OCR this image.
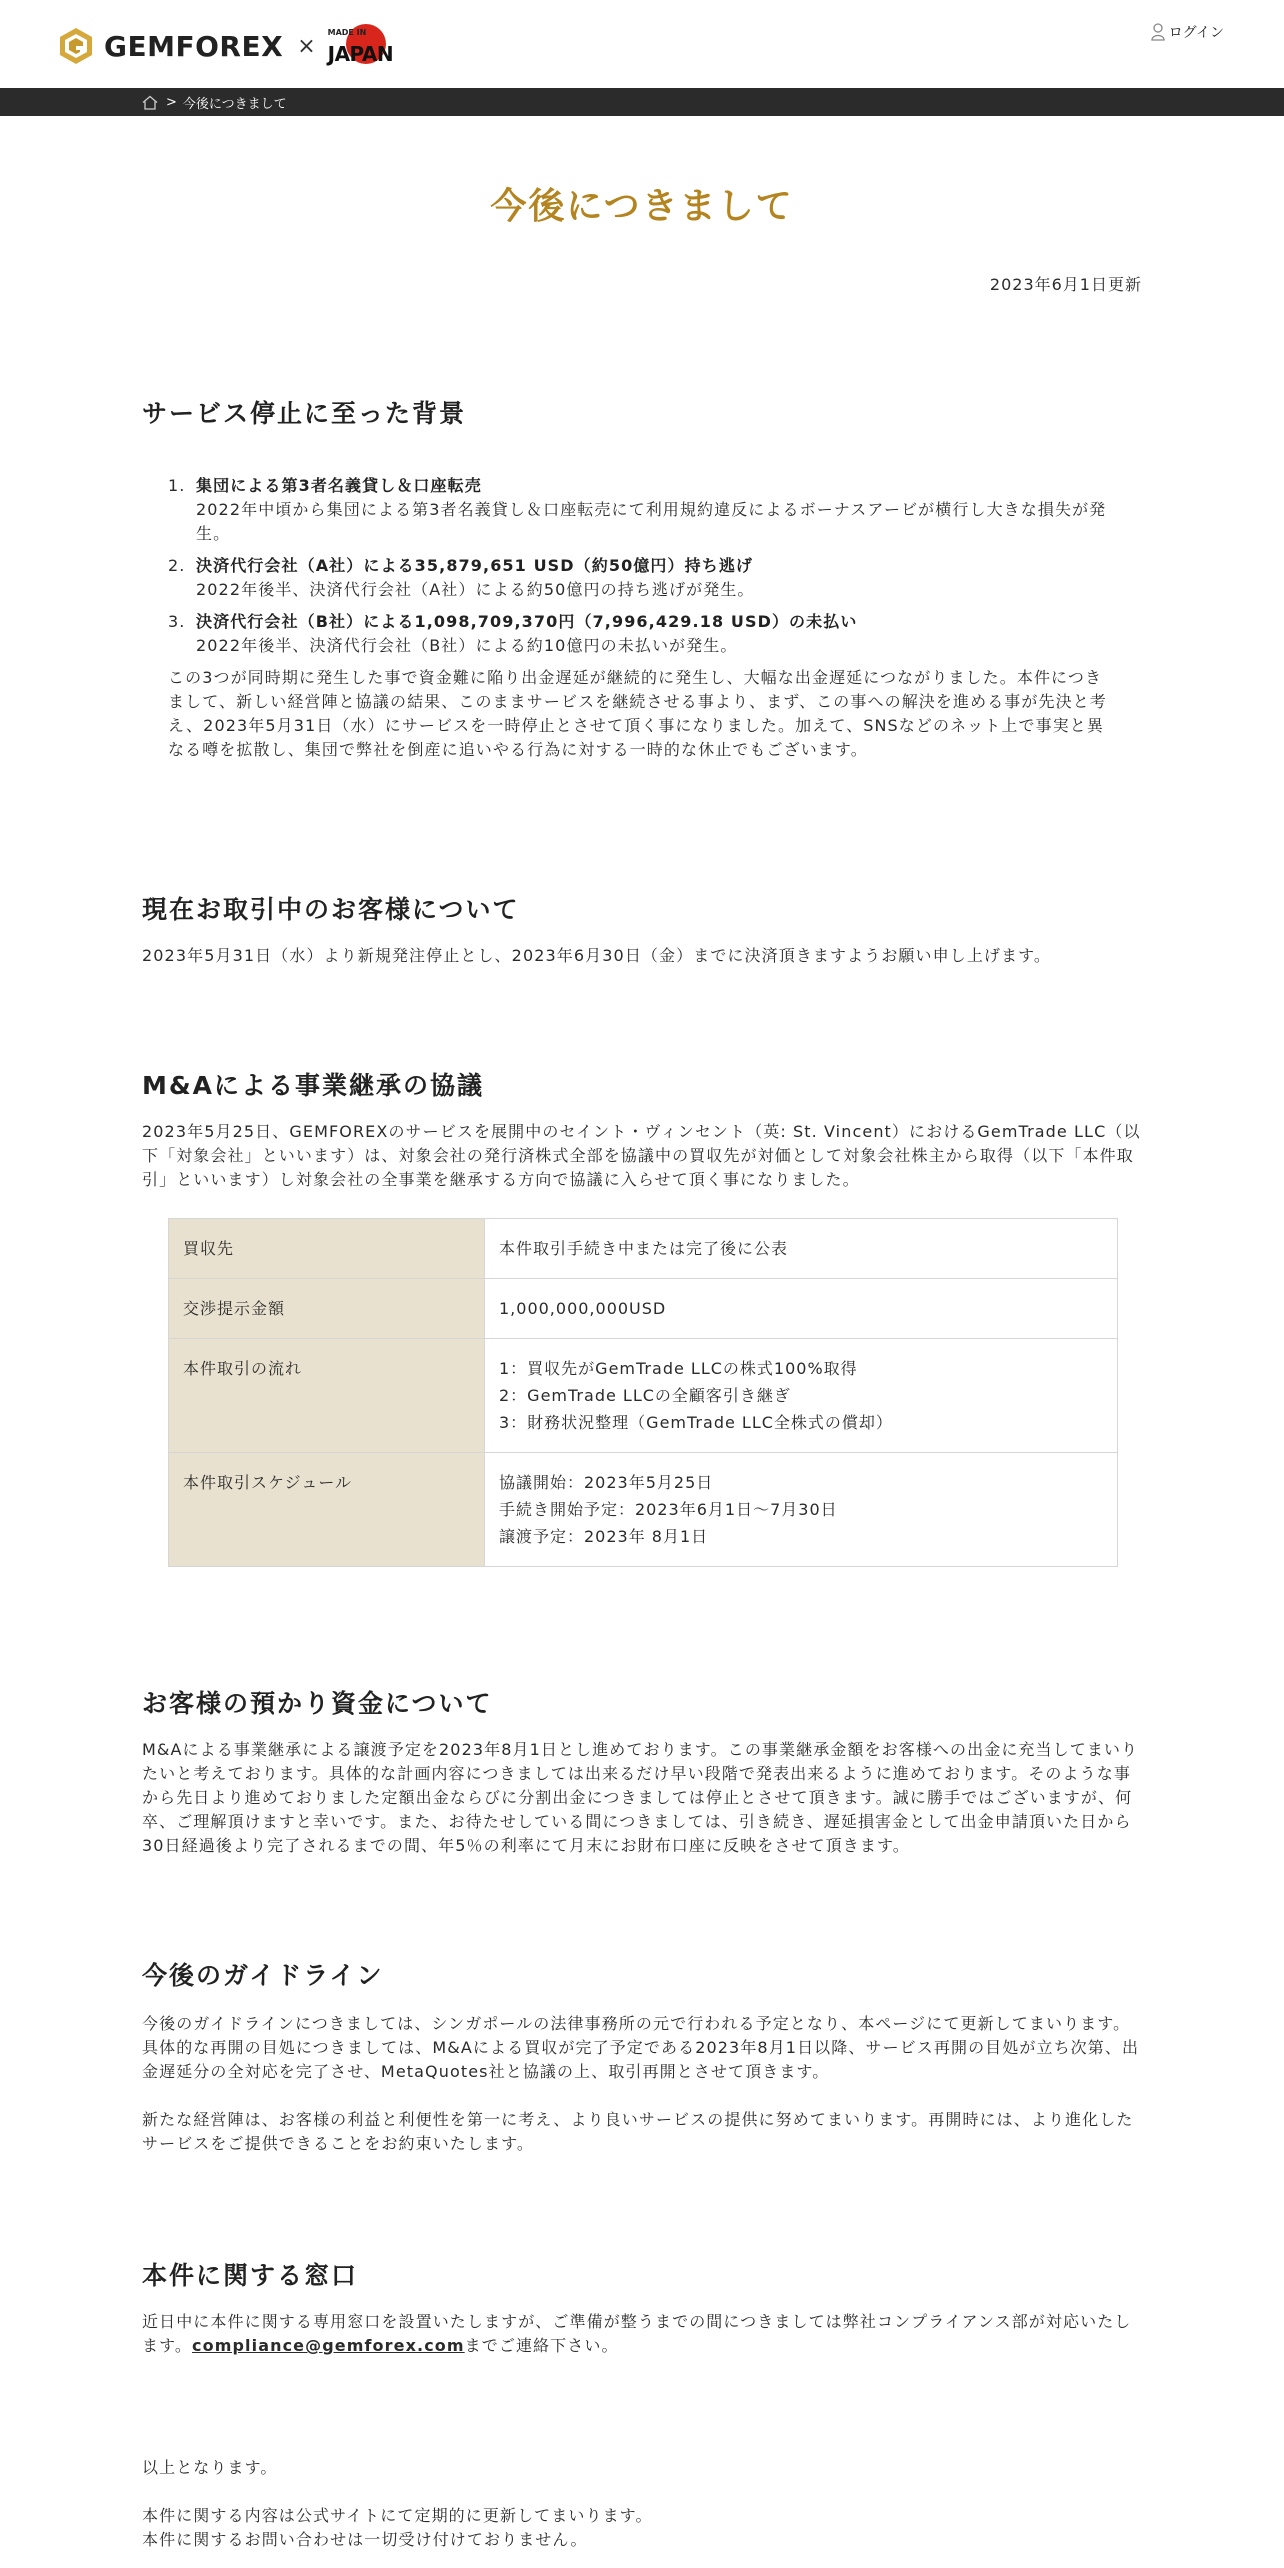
GEMFOREX ×
MADE IN
JAPAN
ログイン
> 今後につきまして
今後につきまして
2023年6月1日更新
サービス停止に至った背景
1. 集団による第3者名義貸し＆口座転売
2022年中頃から集団による第3者名義貸し＆口座転売にて利用規約違反によるボーナスアービが横行し大きな損失が発生。
2. 決済代行会社（A社）による35,879,651 USD（約50億円）持ち逃げ
2022年後半、決済代行会社（A社）による約50億円の持ち逃げが発生。
3. 決済代行会社（B社）による1,098,709,370円（7,996,429.18 USD）の未払い
2022年後半、決済代行会社（B社）による約10億円の未払いが発生。
この3つが同時期に発生した事で資金難に陥り出金遅延が継続的に発生し、大幅な出金遅延につながりました。本件につきまして、新しい経営陣と協議の結果、このままサービスを継続させる事より、まず、この事への解決を進める事が先決と考え、2023年5月31日（水）にサービスを一時停止とさせて頂く事になりました。加えて、SNSなどのネット上で事実と異なる噂を拡散し、集団で弊社を倒産に追いやる行為に対する一時的な休止でもございます。
現在お取引中のお客様について
2023年5月31日（水）より新規発注停止とし、2023年6月30日（金）までに決済頂きますようお願い申し上げます。
M&Aによる事業継承の協議
2023年5月25日、GEMFOREXのサービスを展開中のセイント・ヴィンセント（英: St. Vincent）におけるGemTrade LLC（以下「対象会社」といいます）は、対象会社の発行済株式全部を協議中の買収先が対価として対象会社株主から取得（以下「本件取引」といいます）し対象会社の全事業を継承する方向で協議に入らせて頂く事になりました。
買収先	本件取引手続き中または完了後に公表

交渉提示金額	1,000,000,000USD

本件取引の流れ	1：買収先がGemTrade LLCの株式100%取得
2：GemTrade LLCの全顧客引き継ぎ
3：財務状況整理（GemTrade LLC全株式の償却）

本件取引スケジュール	協議開始：2023年5月25日
手続き開始予定：2023年6月1日～7月30日
譲渡予定：2023年 8月1日
お客様の預かり資金について
M&Aによる事業継承による譲渡予定を2023年8月1日とし進めております。この事業継承金額をお客様への出金に充当してまいりたいと考えております。具体的な計画内容につきましては出来るだけ早い段階で発表出来るように進めております。そのような事から先日より進めておりました定額出金ならびに分割出金につきましては停止とさせて頂きます。誠に勝手ではございますが、何卒、ご理解頂けますと幸いです。また、お待たせしている間につきましては、引き続き、遅延損害金として出金申請頂いた日から30日経過後より完了されるまでの間、年5％の利率にて月末にお財布口座に反映をさせて頂きます。
今後のガイドライン
今後のガイドラインにつきましては、シンガポールの法律事務所の元で行われる予定となり、本ページにて更新してまいります。具体的な再開の目処につきましては、M&Aによる買収が完了予定である2023年8月1日以降、サービス再開の目処が立ち次第、出金遅延分の全対応を完了させ、MetaQuotes社と協議の上、取引再開とさせて頂きます。
新たな経営陣は、お客様の利益と利便性を第一に考え、より良いサービスの提供に努めてまいります。再開時には、より進化したサービスをご提供できることをお約束いたします。
本件に関する窓口
近日中に本件に関する専用窓口を設置いたしますが、ご準備が整うまでの間につきましては弊社コンプライアンス部が対応いたします。compliance@gemforex.comまでご連絡下さい。
以上となります。
本件に関する内容は公式サイトにて定期的に更新してまいります。
本件に関するお問い合わせは一切受け付けておりません。
